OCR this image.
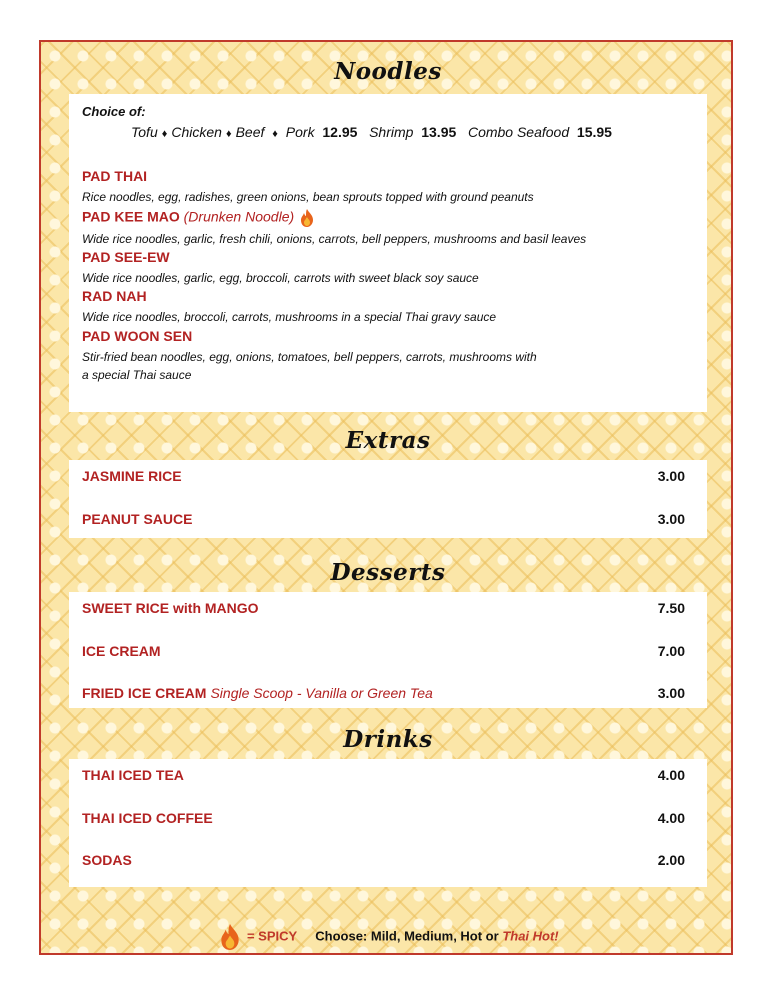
Noodles
Choice of:
Tofu ♦ Chicken ♦ Beef ♦ Pork 12.95 Shrimp 13.95 Combo Seafood 15.95
PAD THAI
Rice noodles, egg, radishes, green onions, bean sprouts topped with ground peanuts
PAD KEE MAO (Drunken Noodle)
Wide rice noodles, garlic, fresh chili, onions, carrots, bell peppers, mushrooms and basil leaves
PAD SEE-EW
Wide rice noodles, garlic, egg, broccoli, carrots with sweet black soy sauce
RAD NAH
Wide rice noodles, broccoli, carrots, mushrooms in a special Thai gravy sauce
PAD WOON SEN
Stir-fried bean noodles, egg, onions, tomatoes, bell peppers, carrots, mushrooms with
a special Thai sauce
Extras
JASMINE RICE	3.00
PEANUT SAUCE	3.00
Desserts
SWEET RICE with MANGO	7.50
ICE CREAM	7.00
FRIED ICE CREAM Single Scoop - Vanilla or Green Tea	3.00
Drinks
THAI ICED TEA	4.00
THAI ICED COFFEE	4.00
SODAS	2.00
= SPICY Choose: Mild, Medium, Hot or Thai Hot!
